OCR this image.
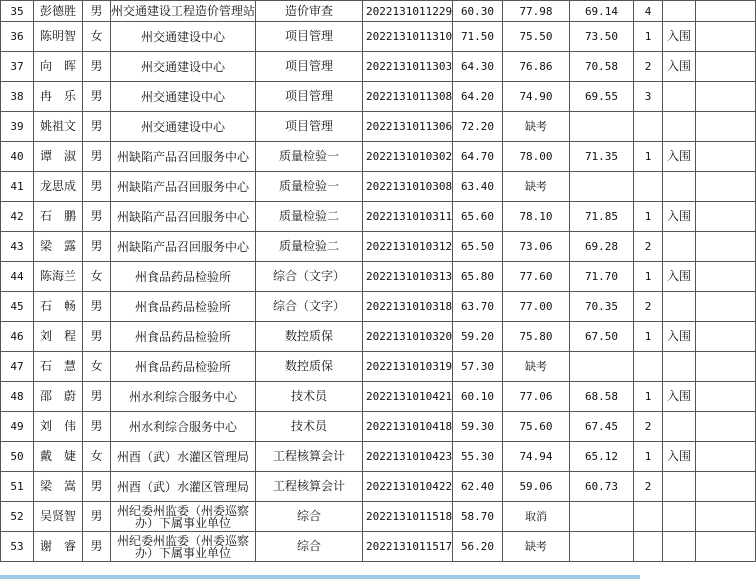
35	彭德胜	男	州交通建设工程造价管理站	造价审查	2022131011229	60.30	77.98	69.14	4		
36	陈明智	女	州交通建设中心	项目管理	2022131011310	71.50	75.50	73.50	1	入围	
37	向　晖	男	州交通建设中心	项目管理	2022131011303	64.30	76.86	70.58	2	入围	
38	冉　乐	男	州交通建设中心	项目管理	2022131011308	64.20	74.90	69.55	3		
39	姚祖文	男	州交通建设中心	项目管理	2022131011306	72.20	缺考				
40	谭　淑	男	州缺陷产品召回服务中心	质量检验一	2022131010302	64.70	78.00	71.35	1	入围	
41	龙思成	男	州缺陷产品召回服务中心	质量检验一	2022131010308	63.40	缺考				
42	石　鹏	男	州缺陷产品召回服务中心	质量检验二	2022131010311	65.60	78.10	71.85	1	入围	
43	梁　露	男	州缺陷产品召回服务中心	质量检验二	2022131010312	65.50	73.06	69.28	2		
44	陈海兰	女	州食品药品检验所	综合（文字）	2022131010313	65.80	77.60	71.70	1	入围	
45	石　畅	男	州食品药品检验所	综合（文字）	2022131010318	63.70	77.00	70.35	2		
46	刘　程	男	州食品药品检验所	数控质保	2022131010320	59.20	75.80	67.50	1	入围	
47	石　慧	女	州食品药品检验所	数控质保	2022131010319	57.30	缺考				
48	邵　蔚	男	州水利综合服务中心	技术员	2022131010421	60.10	77.06	68.58	1	入围	
49	刘　伟	男	州水利综合服务中心	技术员	2022131010418	59.30	75.60	67.45	2		
50	戴　婕	女	州酉（武）水灌区管理局	工程核算会计	2022131010423	55.30	74.94	65.12	1	入围	
51	梁　嵩	男	州酉（武）水灌区管理局	工程核算会计	2022131010422	62.40	59.06	60.73	2		
52	吴贤智	男	州纪委州监委（州委巡察办）下属事业单位	综合	2022131011518	58.70	取消				
53	谢　睿	男	州纪委州监委（州委巡察办）下属事业单位	综合	2022131011517	56.20	缺考				
